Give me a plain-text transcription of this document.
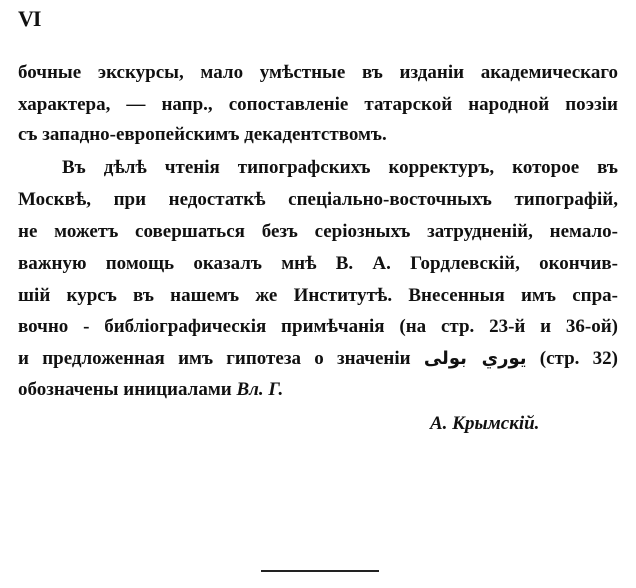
VI
бочные экскурсы, мало умѣстные въ изданіи академическаго
характера, — напр., сопоставленіе татарской народной поэзіи
съ западно-европейскимъ декадентствомъ.
Въ дѣлѣ чтенія типографскихъ корректуръ, которое въ
Москвѣ, при недостаткѣ спеціально-восточныхъ типографій,
не можетъ совершаться безъ серіозныхъ затрудненій, немало-
важную помощь оказалъ мнѣ В. А. Гордлевскій, окончив-
шій курсъ въ нашемъ же Институтѣ. Внесенныя имъ спра-
вочно - библіографическія примѣчанія (на стр. 23-й и 36-ой)
и предложенная имъ гипотеза о значеніи يوري بولى (стр. 32)
обозначены инициалами Вл. Г.
А. Крымскій.
